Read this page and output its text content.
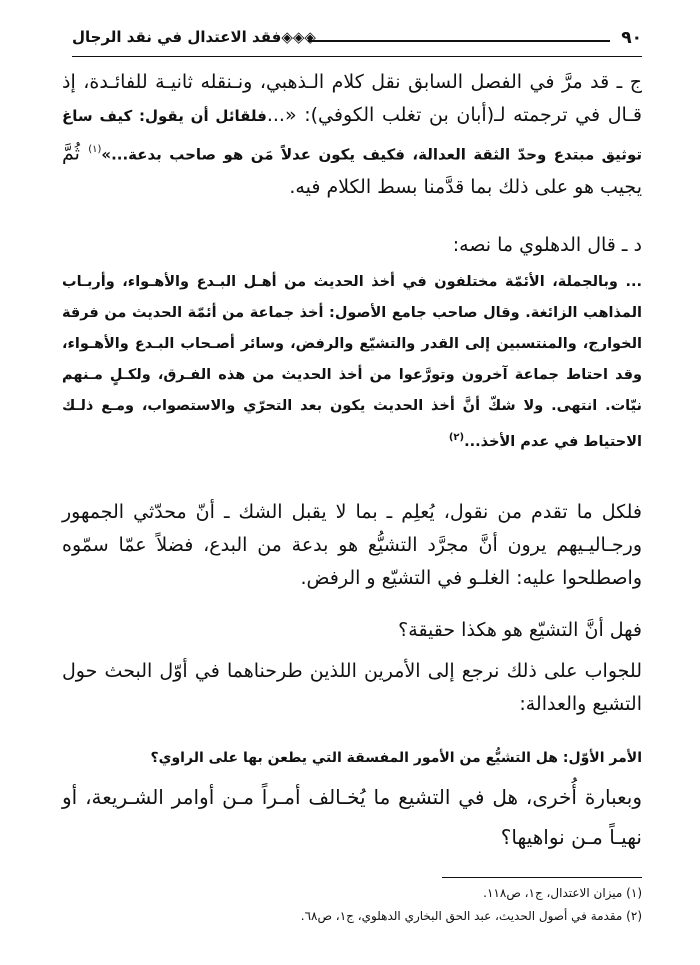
٩٠
◈◈◈فقد الاعتدال في نقد الرجال

ج ـ قد مرَّ في الفصل السابق نقل كلام الـذهبي، ونـنقله ثانيـة للفائـدة، إذ قـال في ترجمته لـ(أبان بن تغلب الكوفي): «...فلقائل أن يقول: كيف ساغ توثيق مبتدع وحدّ الثقة العدالة، فكيف يكون عدلاً مَن هو صاحب بدعة...»$^{(١)}$ ثُمَّ يجيب هو على ذلك بما قدَّمنا بسط الكلام فيه.

د ـ قال الدهلوي ما نصه:

... وبالجملة، الأئمّة مختلفون في أخذ الحديث من أهـل البـدع والأهـواء، وأربـاب المذاهب الزائغة. وقال صاحب جامع الأصول: أخذ جماعة من أئمّة الحديث من فرقة الخوارج، والمنتسبين إلى القدر والتشيّع والرفض، وسائر أصـحاب البـدع والأهـواء، وقد احتاط جماعة آخرون وتورَّعوا من أخذ الحديث من هذه الفـرق، ولكـلٍ مـنهم نيّات. انتهى. ولا شكّ أنَّ أخذ الحديث يكون بعد التحرّي والاستصواب، ومـع ذلـك الاحتياط في عدم الأخذ...$^{(٢)}$

فلكل ما تقدم من نقول، يُعلِم ـ بما لا يقبل الشك ـ أنّ محدّثي الجمهور ورجـاليـيهم يرون أنَّ مجرَّد التشيُّع هو بدعة من البدع، فضلاً عمّا سمّوه واصطلحوا عليه: الغلـو في التشيّع و الرفض.

فهل أنَّ التشيّع هو هكذا حقيقة؟

للجواب على ذلك نرجع إلى الأمرين اللذين طرحناهما في أوّل البحث حول التشيع والعدالة:

الأمر الأوّل: هل التشيُّع من الأمور المفسقة التي يطعن بها على الراوي؟

وبعبارة أُخرى، هل في التشيع ما يُخـالف أمـراً مـن أوامر الشـريعة، أو نهيـاً مـن نواهيها؟

(١) ميزان الاعتدال، ج١، ص١١٨.

(٢) مقدمة في أصول الحديث، عبد الحق البخاري الدهلوي، ج١، ص٦٨.
